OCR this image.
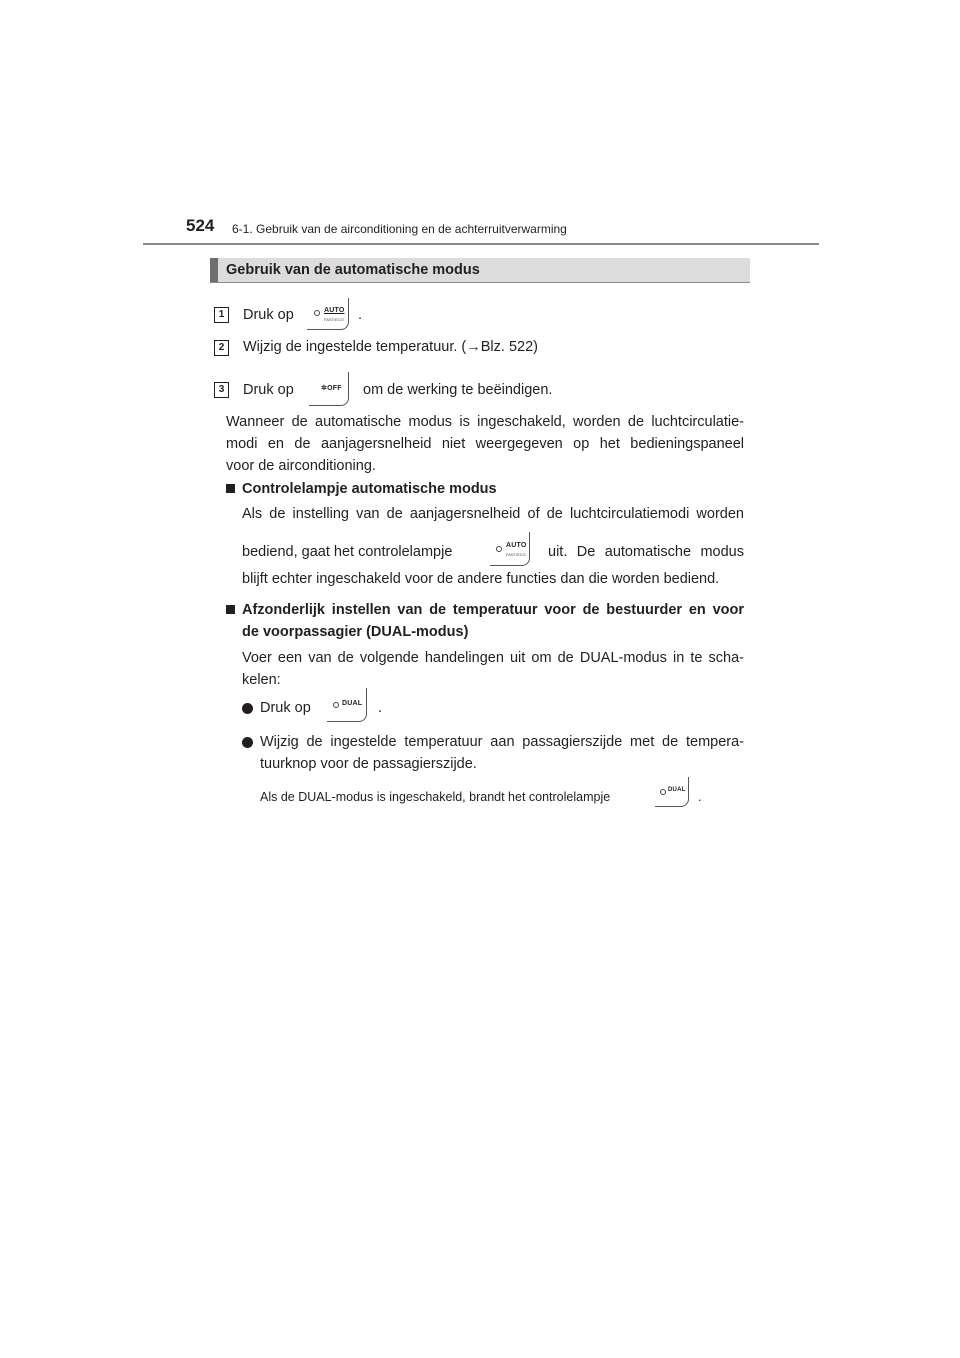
524 6-1. Gebruik van de airconditioning en de achterruitverwarming
Gebruik van de automatische modus
1	Druk op	AUTO
FAST/ECO .
2	Wijzig de ingestelde temperatuur. (→Blz. 522)
3	Druk op	✲OFF om de werking te beëindigen.
Wanneer de automatische modus is ingeschakeld, worden de luchtcirculatie-
modi en de aanjagersnelheid niet weergegeven op het bedieningspaneel
voor de airconditioning.
Controlelampje automatische modus
Als de instelling van de aanjagersnelheid of de luchtcirculatiemodi worden
bediend, gaat het controlelampje	AUTO
FAST/ECO uit. De automatische modus
blijft echter ingeschakeld voor de andere functies dan die worden bediend.
Afzonderlijk instellen van de temperatuur voor de bestuurder en voor
de voorpassagier (DUAL-modus)
Voer een van de volgende handelingen uit om de DUAL-modus in te scha-
kelen:
Druk op	DUAL .
Wijzig de ingestelde temperatuur aan passagierszijde met de tempera-
tuurknop voor de passagierszijde.
Als de DUAL-modus is ingeschakeld, brandt het controlelampje	DUAL .
